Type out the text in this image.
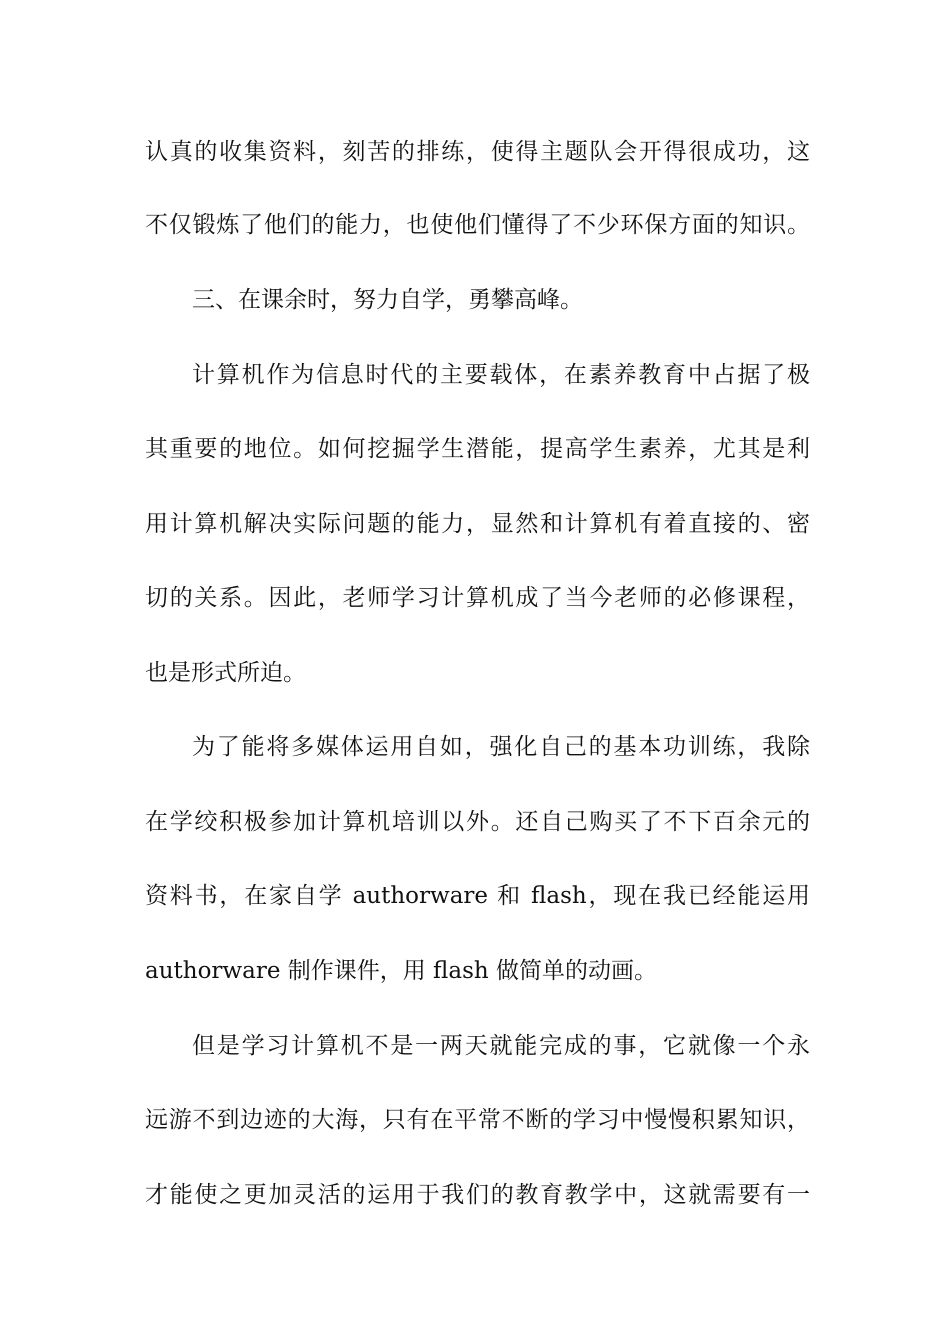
认真的收集资料，刻苦的排练，使得主题队会开得很成功，这
不仅锻炼了他们的能力，也使他们懂得了不少环保方面的知识。
三、在课余时，努力自学，勇攀高峰。
计算机作为信息时代的主要载体，在素养教育中占据了极
其重要的地位。如何挖掘学生潜能，提高学生素养，尤其是利
用计算机解决实际问题的能力，显然和计算机有着直接的、密
切的关系。因此，老师学习计算机成了当今老师的必修课程，
也是形式所迫。
为了能将多媒体运用自如，强化自己的基本功训练，我除
在学绞积极参加计算机培训以外。还自己购买了不下百余元的
资料书，在家自学 authorware 和 flash，现在我已经能运用
authorware 制作课件，用 flash 做简单的动画。
但是学习计算机不是一两天就能完成的事，它就像一个永
远游不到边迹的大海，只有在平常不断的学习中慢慢积累知识，
才能使之更加灵活的运用于我们的教育教学中，这就需要有一
